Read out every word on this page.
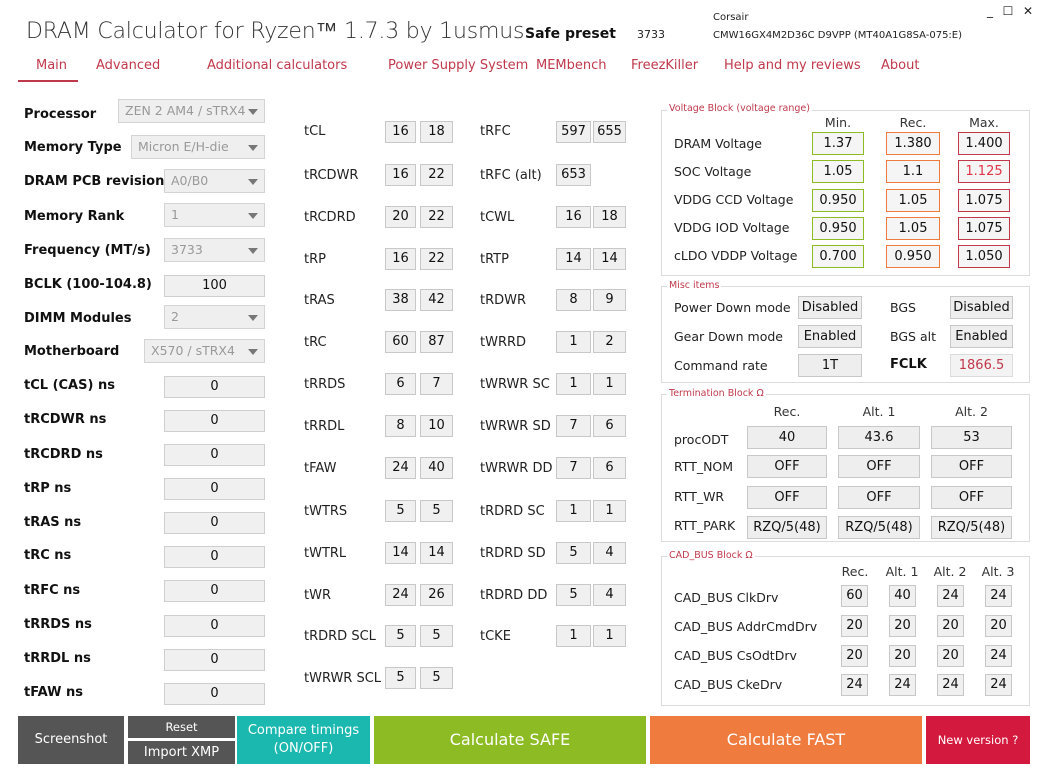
DRAM Calculator for Ryzen™ 1.7.3 by 1usmus Safe preset 3733
Corsair
CMW16GX4M2D36C D9VPP (MT40A1G8SA-075:E)
_ ☐ ✕
Main Advanced	Additional calculators	Power Supply System MEMbench FreezKiller Help and my reviews About
Processor	ZEN 2 AM4 / sTRX4
Memory Type	Micron E/H-die
DRAM PCB revision A0/B0
Memory Rank	1
Frequency (MT/s)	3733
BCLK (100-104.8)	100
DIMM Modules	2
Motherboard	X570 / sTRX4
tCL (CAS) ns	0
tRCDWR ns	0
tRCDRD ns	0
tRP ns	0
tRAS ns	0
tRC ns	0
tRFC ns	0
tRRDS ns	0
tRRDL ns	0
tFAW ns	0
tCL	16	18
tRCDWR	16	22
tRCDRD	20	22
tRP	16	22
tRAS	38	42
tRC	60	87
tRRDS	6	7
tRRDL	8	10
tFAW	24	40
tWTRS	5	5
tWTRL	14	14
tWR	24	26
tRDRD SCL	5	5
tWRWR SCL	5	5
tRFC	597 655
tRFC (alt)	653
tCWL	16	18
tRTP	14	14
tRDWR	8	9
tWRRD	1	2
tWRWR SC	1	1
tWRWR SD	7	6
tWRWR DD	7	6
tRDRD SC	1	1
tRDRD SD	5	4
tRDRD DD	5	4
tCKE	1	1
Voltage Block (voltage range)
Min.	Rec.	Max.
DRAM Voltage	1.37	1.380	1.400
SOC Voltage	1.05	1.1	1.125
VDDG CCD Voltage	0.950	1.05	1.075
VDDG IOD Voltage	0.950	1.05	1.075
cLDO VDDP Voltage	0.700	0.950	1.050
Misc items
Power Down mode Disabled	BGS	Disabled
Gear Down mode	Enabled	BGS alt	Enabled
Command rate	1T	FCLK	1866.5
Termination Block Ω
Rec.	Alt. 1	Alt. 2
procODT	40	43.6	53
RTT_NOM	OFF	OFF	OFF
RTT_WR	OFF	OFF	OFF
RTT_PARK	RZQ/5(48)	RZQ/5(48)	RZQ/5(48)
CAD_BUS Block Ω
Rec. Alt. 1 Alt. 2 Alt. 3
CAD_BUS ClkDrv	60	40	24	24
CAD_BUS AddrCmdDrv	20	20	20	20
CAD_BUS CsOdtDrv	20	20	20	24
CAD_BUS CkeDrv	24	24	24	24
Screenshot
Reset
Import XMP
Compare timings
(ON/OFF)	Calculate SAFE	Calculate FAST	New version ?
